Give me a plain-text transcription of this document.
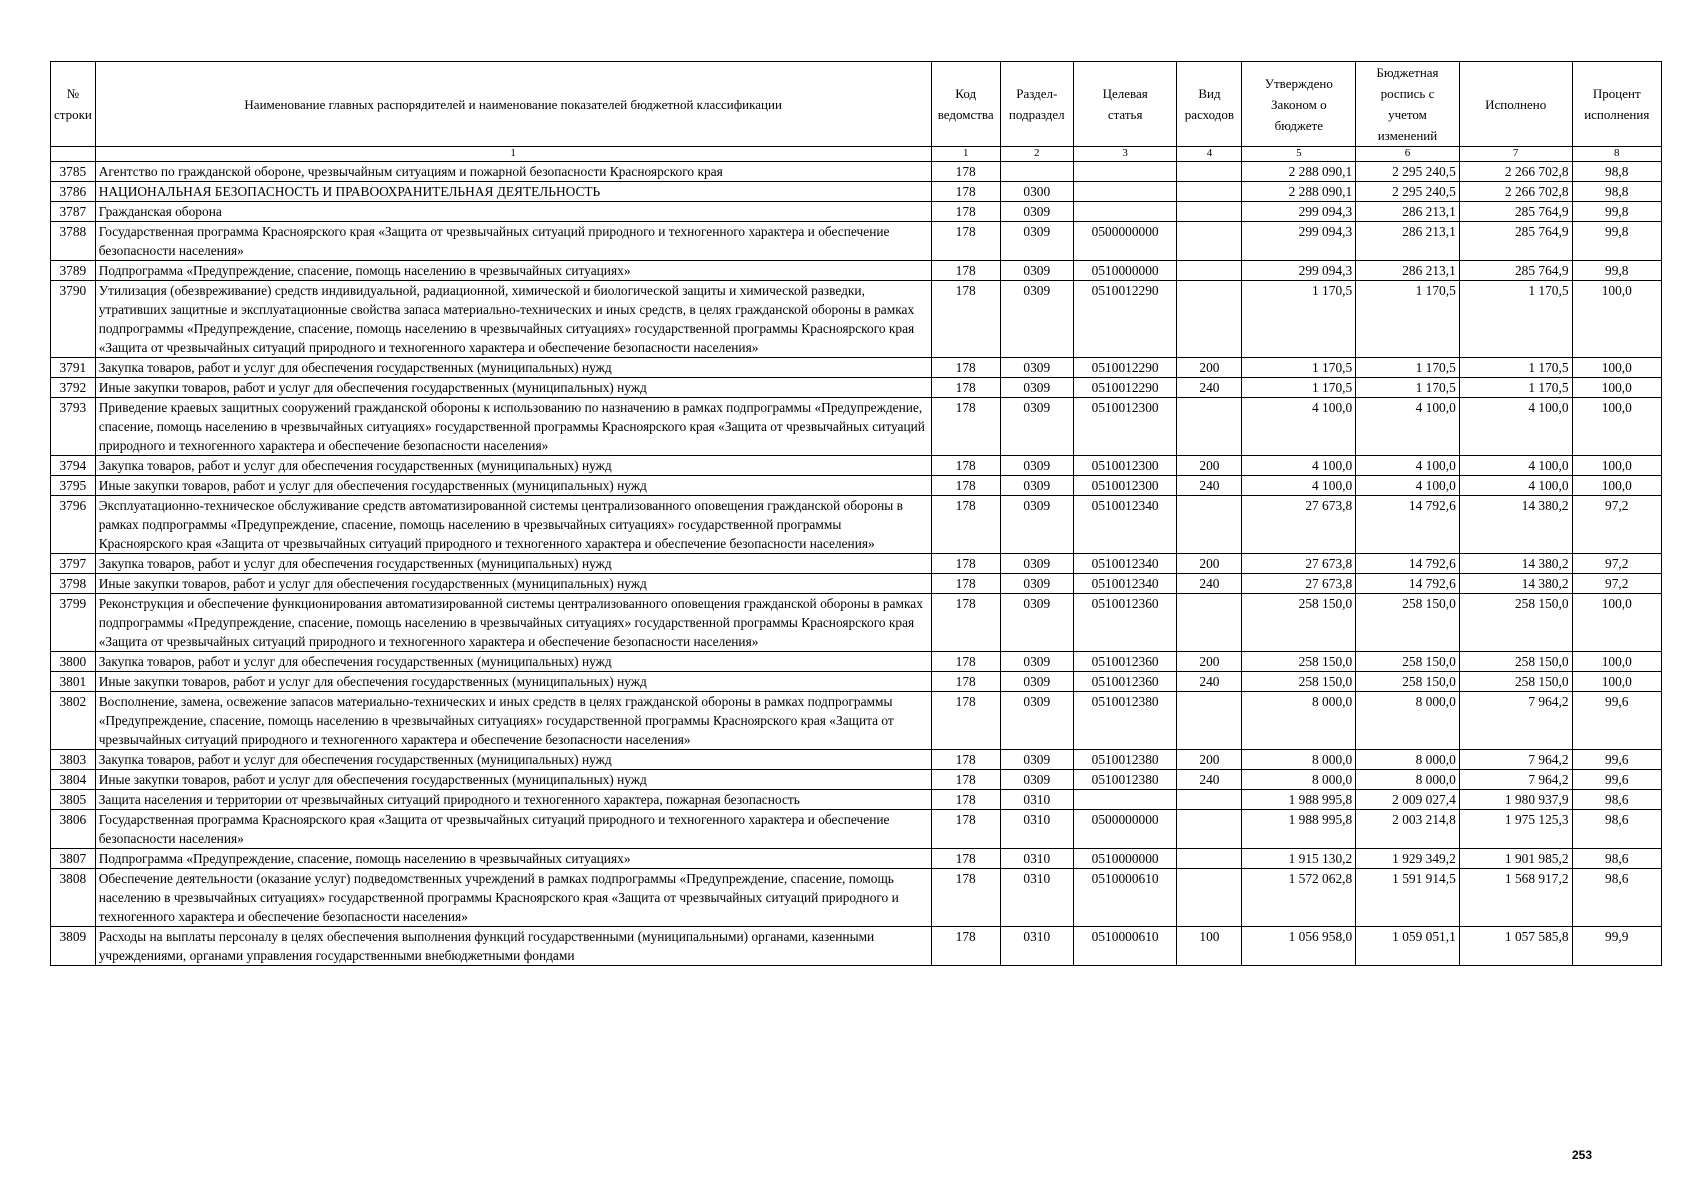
№
строки	Наименование главных распорядителей и наименование показателей бюджетной классификации	Код
ведомства	Раздел-
подраздел	Целевая
статья	Вид
расходов	Утверждено
Законом о
бюджете	Бюджетная
роспись с
учетом
изменений	Исполнено	Процент
исполнения
	1	1	2	3	4	5	6	7	8
3785	Агентство по гражданской обороне, чрезвычайным ситуациям и пожарной безопасности Красноярского края	178				2 288 090,1	2 295 240,5	2 266 702,8	98,8
3786	НАЦИОНАЛЬНАЯ БЕЗОПАСНОСТЬ И ПРАВООХРАНИТЕЛЬНАЯ ДЕЯТЕЛЬНОСТЬ	178	0300			2 288 090,1	2 295 240,5	2 266 702,8	98,8
3787	Гражданская оборона	178	0309			299 094,3	286 213,1	285 764,9	99,8
3788	Государственная программа Красноярского края «Защита от чрезвычайных ситуаций природного и техногенного характера и обеспечение безопасности населения»	178	0309	0500000000		299 094,3	286 213,1	285 764,9	99,8
3789	Подпрограмма «Предупреждение, спасение, помощь населению в чрезвычайных ситуациях»	178	0309	0510000000		299 094,3	286 213,1	285 764,9	99,8
3790	Утилизация (обезвреживание) средств индивидуальной, радиационной, химической и биологической защиты и химической разведки, утративших защитные и эксплуатационные свойства запаса материально-технических и иных средств, в целях гражданской обороны в рамках подпрограммы «Предупреждение, спасение, помощь населению в чрезвычайных ситуациях» государственной программы Красноярского края «Защита от чрезвычайных ситуаций природного и техногенного характера и обеспечение безопасности населения»	178	0309	0510012290		1 170,5	1 170,5	1 170,5	100,0
3791	Закупка товаров, работ и услуг для обеспечения государственных (муниципальных) нужд	178	0309	0510012290	200	1 170,5	1 170,5	1 170,5	100,0
3792	Иные закупки товаров, работ и услуг для обеспечения государственных (муниципальных) нужд	178	0309	0510012290	240	1 170,5	1 170,5	1 170,5	100,0
3793	Приведение краевых защитных сооружений гражданской обороны к использованию по назначению в рамках подпрограммы «Предупреждение, спасение, помощь населению в чрезвычайных ситуациях» государственной программы Красноярского края «Защита от чрезвычайных ситуаций природного и техногенного характера и обеспечение безопасности населения»	178	0309	0510012300		4 100,0	4 100,0	4 100,0	100,0
3794	Закупка товаров, работ и услуг для обеспечения государственных (муниципальных) нужд	178	0309	0510012300	200	4 100,0	4 100,0	4 100,0	100,0
3795	Иные закупки товаров, работ и услуг для обеспечения государственных (муниципальных) нужд	178	0309	0510012300	240	4 100,0	4 100,0	4 100,0	100,0
3796	Эксплуатационно-техническое обслуживание средств автоматизированной системы централизованного оповещения гражданской обороны в рамках подпрограммы «Предупреждение, спасение, помощь населению в чрезвычайных ситуациях» государственной программы Красноярского края «Защита от чрезвычайных ситуаций природного и техногенного характера и обеспечение безопасности населения»	178	0309	0510012340		27 673,8	14 792,6	14 380,2	97,2
3797	Закупка товаров, работ и услуг для обеспечения государственных (муниципальных) нужд	178	0309	0510012340	200	27 673,8	14 792,6	14 380,2	97,2
3798	Иные закупки товаров, работ и услуг для обеспечения государственных (муниципальных) нужд	178	0309	0510012340	240	27 673,8	14 792,6	14 380,2	97,2
3799	Реконструкция и обеспечение функционирования автоматизированной системы централизованного оповещения гражданской обороны в рамках подпрограммы «Предупреждение, спасение, помощь населению в чрезвычайных ситуациях» государственной программы Красноярского края «Защита от чрезвычайных ситуаций природного и техногенного характера и обеспечение безопасности населения»	178	0309	0510012360		258 150,0	258 150,0	258 150,0	100,0
3800	Закупка товаров, работ и услуг для обеспечения государственных (муниципальных) нужд	178	0309	0510012360	200	258 150,0	258 150,0	258 150,0	100,0
3801	Иные закупки товаров, работ и услуг для обеспечения государственных (муниципальных) нужд	178	0309	0510012360	240	258 150,0	258 150,0	258 150,0	100,0
3802	Восполнение, замена, освежение запасов материально-технических и иных средств в целях гражданской обороны в рамках подпрограммы «Предупреждение, спасение, помощь населению в чрезвычайных ситуациях» государственной программы Красноярского края «Защита от чрезвычайных ситуаций природного и техногенного характера и обеспечение безопасности населения»	178	0309	0510012380		8 000,0	8 000,0	7 964,2	99,6
3803	Закупка товаров, работ и услуг для обеспечения государственных (муниципальных) нужд	178	0309	0510012380	200	8 000,0	8 000,0	7 964,2	99,6
3804	Иные закупки товаров, работ и услуг для обеспечения государственных (муниципальных) нужд	178	0309	0510012380	240	8 000,0	8 000,0	7 964,2	99,6
3805	Защита населения и территории от чрезвычайных ситуаций природного и техногенного характера, пожарная безопасность	178	0310			1 988 995,8	2 009 027,4	1 980 937,9	98,6
3806	Государственная программа Красноярского края «Защита от чрезвычайных ситуаций природного и техногенного характера и обеспечение безопасности населения»	178	0310	0500000000		1 988 995,8	2 003 214,8	1 975 125,3	98,6
3807	Подпрограмма «Предупреждение, спасение, помощь населению в чрезвычайных ситуациях»	178	0310	0510000000		1 915 130,2	1 929 349,2	1 901 985,2	98,6
3808	Обеспечение деятельности (оказание услуг) подведомственных учреждений в рамках подпрограммы «Предупреждение, спасение, помощь населению в чрезвычайных ситуациях» государственной программы Красноярского края «Защита от чрезвычайных ситуаций природного и техногенного характера и обеспечение безопасности населения»	178	0310	0510000610		1 572 062,8	1 591 914,5	1 568 917,2	98,6
3809	Расходы на выплаты персоналу в целях обеспечения выполнения функций государственными (муниципальными) органами, казенными учреждениями, органами управления государственными внебюджетными фондами	178	0310	0510000610	100	1 056 958,0	1 059 051,1	1 057 585,8	99,9
253
